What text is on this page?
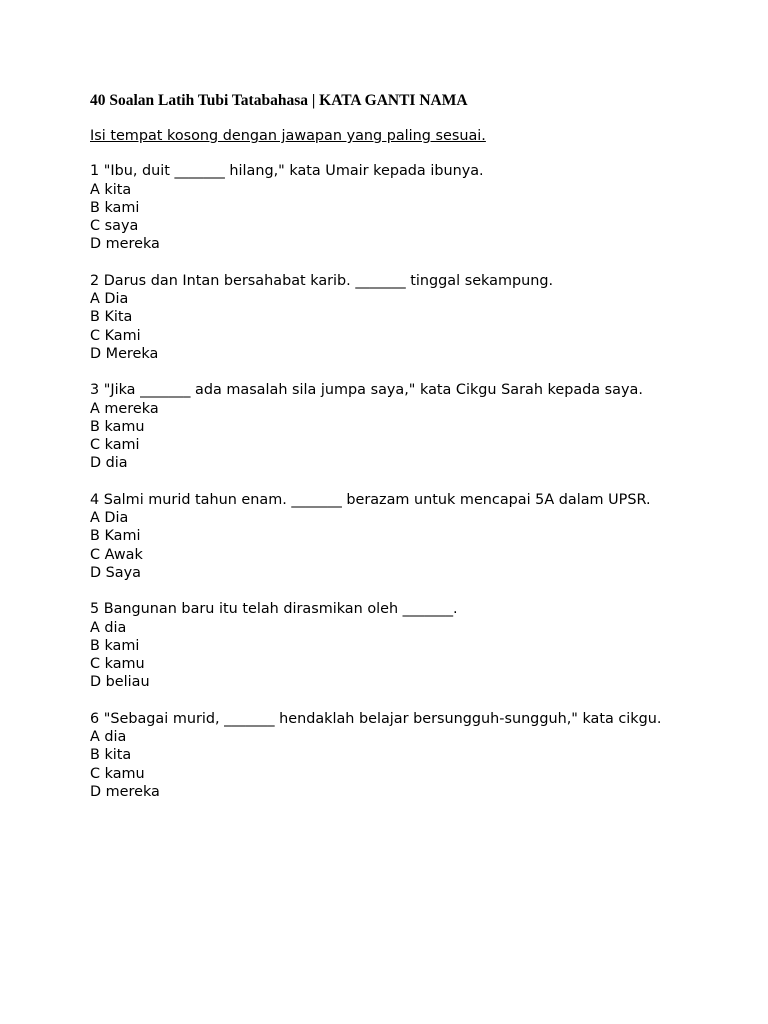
40 Soalan Latih Tubi Tatabahasa | KATA GANTI NAMA
Isi tempat kosong dengan jawapan yang paling sesuai.
1 "Ibu, duit _______ hilang," kata Umair kepada ibunya.
A kita
B kami
C saya
D mereka
2 Darus dan Intan bersahabat karib. _______ tinggal sekampung.
A Dia
B Kita
C Kami
D Mereka
3 "Jika _______ ada masalah sila jumpa saya," kata Cikgu Sarah kepada saya.
A mereka
B kamu
C kami
D dia
4 Salmi murid tahun enam. _______ berazam untuk mencapai 5A dalam UPSR.
A Dia
B Kami
C Awak
D Saya
5 Bangunan baru itu telah dirasmikan oleh _______.
A dia
B kami
C kamu
D beliau
6 "Sebagai murid, _______ hendaklah belajar bersungguh-sungguh," kata cikgu.
A dia
B kita
C kamu
D mereka
